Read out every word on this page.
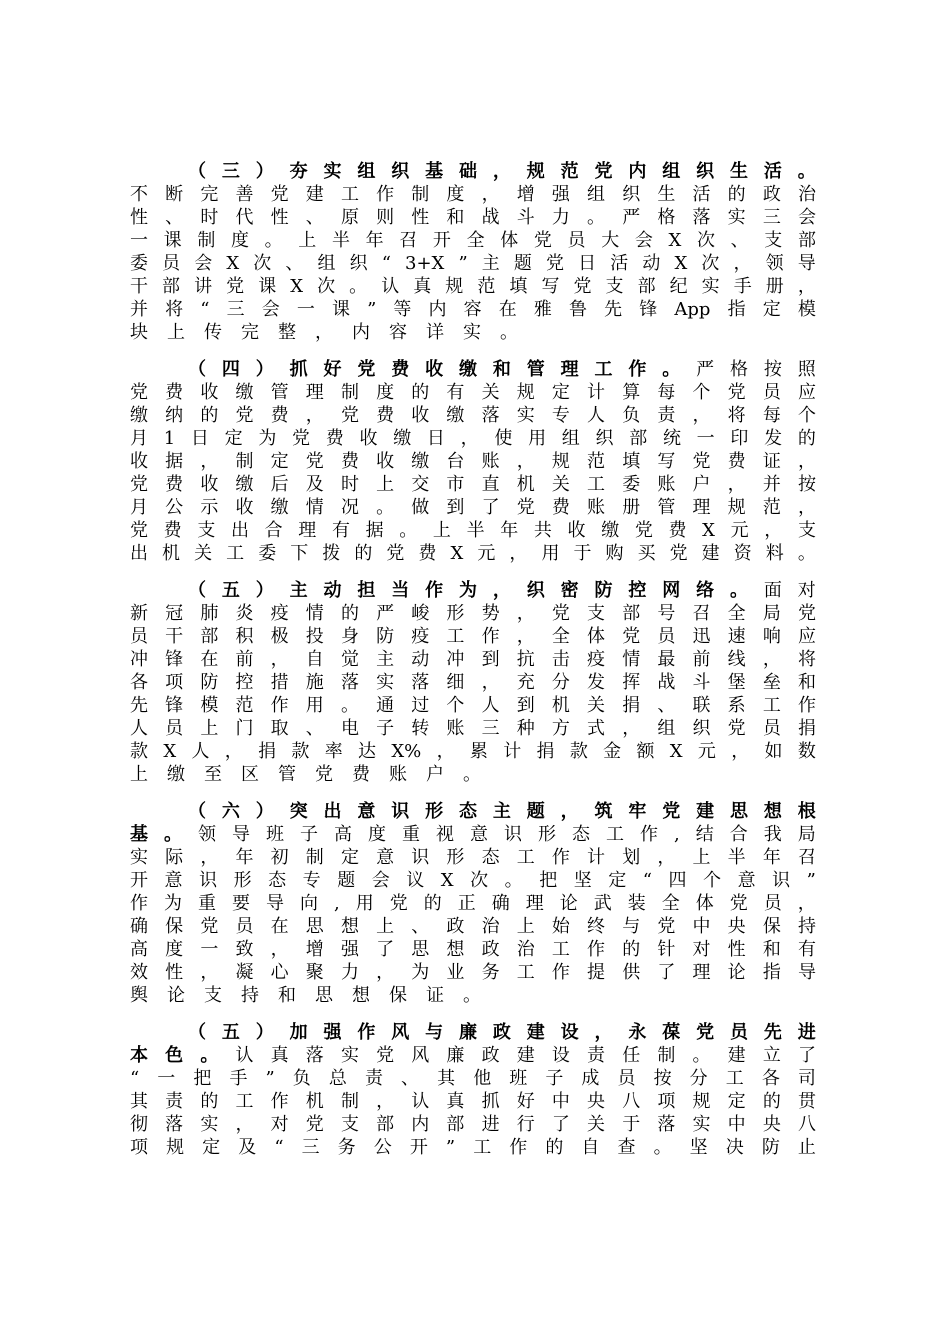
（ 三 ） 夯 实 组 织 基 础 ， 规 范 党 内 组 织 生 活 。
不 断 完 善 党 建 工 作 制 度 ， 增 强 组 织 生 活 的 政 治
性 、 时 代 性 、 原 则 性 和 战 斗 力 。 严 格 落 实 三 会
一 课 制 度 。 上 半 年 召 开 全 体 党 员 大 会 X 次 、 支 部
委 员 会 X 次 、 组 织 “ 3+X ” 主 题 党 日 活 动 X 次 ， 领 导
干 部 讲 党 课 X 次 。 认 真 规 范 填 写 党 支 部 纪 实 手 册 ，
并 将 “ 三 会 一 课 ” 等 内 容 在 雅 鲁 先 锋 App 指 定 模
块 上 传 完 整 ， 内 容 详 实 。
（ 四 ） 抓 好 党 费 收 缴 和 管 理 工 作 。 严 格 按 照
党 费 收 缴 管 理 制 度 的 有 关 规 定 计 算 每 个 党 员 应
缴 纳 的 党 费 ， 党 费 收 缴 落 实 专 人 负 责 ， 将 每 个
月 1 日 定 为 党 费 收 缴 日 ， 使 用 组 织 部 统 一 印 发 的
收 据 ， 制 定 党 费 收 缴 台 账 ， 规 范 填 写 党 费 证 ，
党 费 收 缴 后 及 时 上 交 市 直 机 关 工 委 账 户 ， 并 按
月 公 示 收 缴 情 况 。 做 到 了 党 费 账 册 管 理 规 范 ，
党 费 支 出 合 理 有 据 。 上 半 年 共 收 缴 党 费 X 元 ， 支
出 机 关 工 委 下 拨 的 党 费 X 元 ， 用 于 购 买 党 建 资 料 。
（ 五 ） 主 动 担 当 作 为 ， 织 密 防 控 网 络 。 面 对
新 冠 肺 炎 疫 情 的 严 峻 形 势 ， 党 支 部 号 召 全 局 党
员 干 部 积 极 投 身 防 疫 工 作 ， 全 体 党 员 迅 速 响 应
冲 锋 在 前 ， 自 觉 主 动 冲 到 抗 击 疫 情 最 前 线 ， 将
各 项 防 控 措 施 落 实 落 细 ， 充 分 发 挥 战 斗 堡 垒 和
先 锋 模 范 作 用 。 通 过 个 人 到 机 关 捐 、 联 系 工 作
人 员 上 门 取 、 电 子 转 账 三 种 方 式 ， 组 织 党 员 捐
款 X 人 ， 捐 款 率 达 X% ， 累 计 捐 款 金 额 X 元 ， 如 数
上 缴 至 区 管 党 费 账 户 。
（ 六 ） 突 出 意 识 形 态 主 题 ， 筑 牢 党 建 思 想 根
基 。 领 导 班 子 高 度 重 视 意 识 形 态 工 作 , 结 合 我 局
实 际 ， 年 初 制 定 意 识 形 态 工 作 计 划 ， 上 半 年 召
开 意 识 形 态 专 题 会 议 X 次 。 把 坚 定 “ 四 个 意 识 ”
作 为 重 要 导 向 , 用 党 的 正 确 理 论 武 装 全 体 党 员 ，
确 保 党 员 在 思 想 上 、 政 治 上 始 终 与 党 中 央 保 持
高 度 一 致 ， 增 强 了 思 想 政 治 工 作 的 针 对 性 和 有
效 性 ， 凝 心 聚 力 ， 为 业 务 工 作 提 供 了 理 论 指 导
舆 论 支 持 和 思 想 保 证 。
（ 五 ） 加 强 作 风 与 廉 政 建 设 ， 永 葆 党 员 先 进
本 色 。 认 真 落 实 党 风 廉 政 建 设 责 任 制 。 建 立 了
“ 一 把 手 ” 负 总 责 、 其 他 班 子 成 员 按 分 工 各 司
其 责 的 工 作 机 制 ， 认 真 抓 好 中 央 八 项 规 定 的 贯
彻 落 实 ， 对 党 支 部 内 部 进 行 了 关 于 落 实 中 央 八
项 规 定 及 “ 三 务 公 开 ” 工 作 的 自 查 。 坚 决 防 止
